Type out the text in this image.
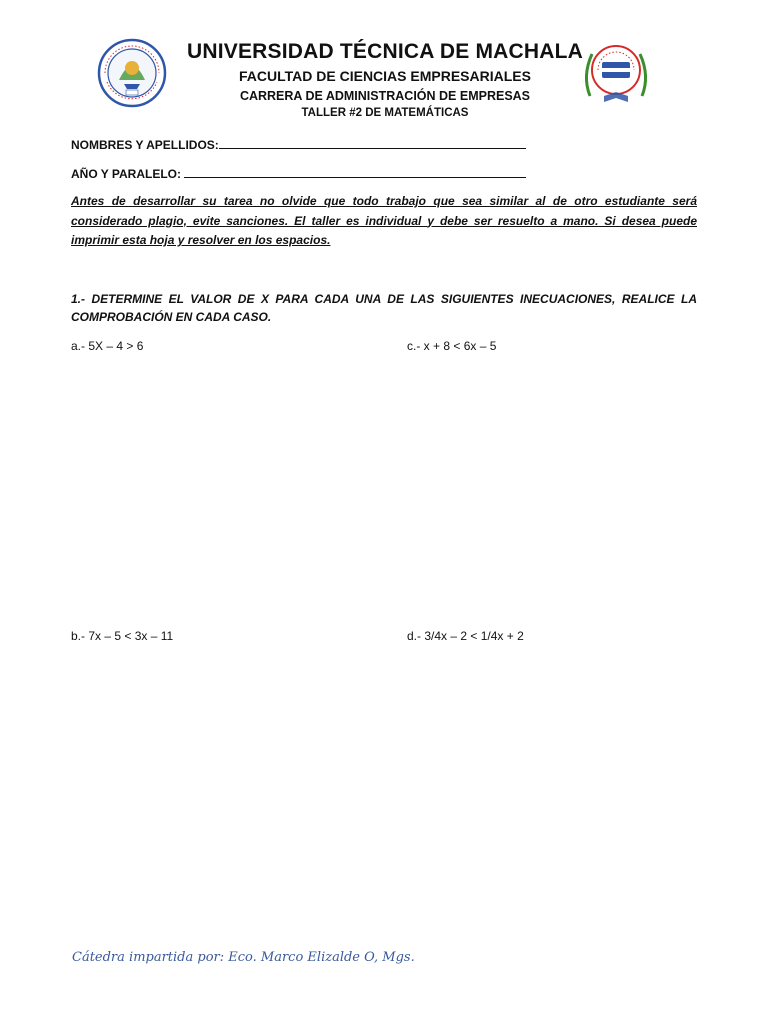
UNIVERSIDAD TÉCNICA DE MACHALA
FACULTAD DE CIENCIAS EMPRESARIALES
CARRERA DE ADMINISTRACIÓN DE EMPRESAS
TALLER #2 DE MATEMÁTICAS
NOMBRES Y APELLIDOS:
AÑO Y PARALELO:
Antes de desarrollar su tarea no olvide que todo trabajo que sea similar al de otro estudiante será considerado plagio, evite sanciones. El taller es individual y debe ser resuelto a mano. Si desea puede imprimir esta hoja y resolver en los espacios.
1.- DETERMINE EL VALOR DE X PARA CADA UNA DE LAS SIGUIENTES INECUACIONES, REALICE LA COMPROBACIÓN EN CADA CASO.
a.- 5X – 4 > 6	c.- x + 8 < 6x – 5
b.- 7x – 5 < 3x – 11	d.- 3/4x – 2 < 1/4x + 2
Cátedra impartida por: Eco. Marco Elizalde O, Mgs.
